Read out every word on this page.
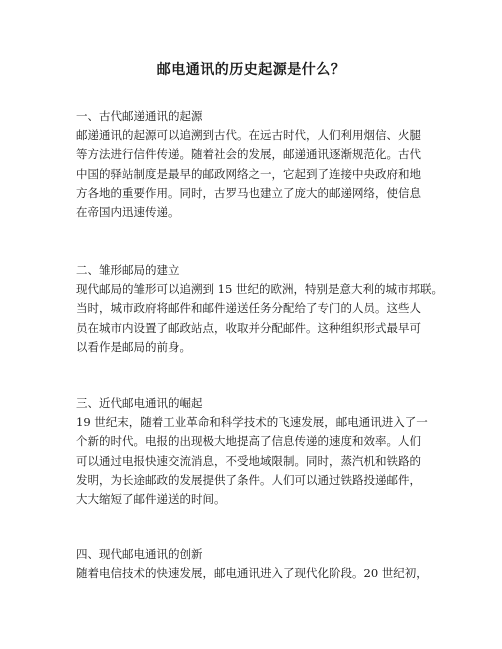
邮电通讯的历史起源是什么？

一、古代邮递通讯的起源

邮递通讯的起源可以追溯到古代。在远古时代，人们利用烟信、火腿

等方法进行信件传递。随着社会的发展，邮递通讯逐渐规范化。古代

中国的驿站制度是最早的邮政网络之一，它起到了连接中央政府和地

方各地的重要作用。同时，古罗马也建立了庞大的邮递网络，使信息

在帝国内迅速传递。

二、雏形邮局的建立

现代邮局的雏形可以追溯到 15 世纪的欧洲，特别是意大利的城市邦联。

当时，城市政府将邮件和邮件递送任务分配给了专门的人员。这些人

员在城市内设置了邮政站点，收取并分配邮件。这种组织形式最早可

以看作是邮局的前身。

三、近代邮电通讯的崛起

19 世纪末，随着工业革命和科学技术的飞速发展，邮电通讯进入了一

个新的时代。电报的出现极大地提高了信息传递的速度和效率。人们

可以通过电报快速交流消息，不受地域限制。同时，蒸汽机和铁路的

发明，为长途邮政的发展提供了条件。人们可以通过铁路投递邮件，

大大缩短了邮件递送的时间。

四、现代邮电通讯的创新

随着电信技术的快速发展，邮电通讯进入了现代化阶段。20 世纪初，
